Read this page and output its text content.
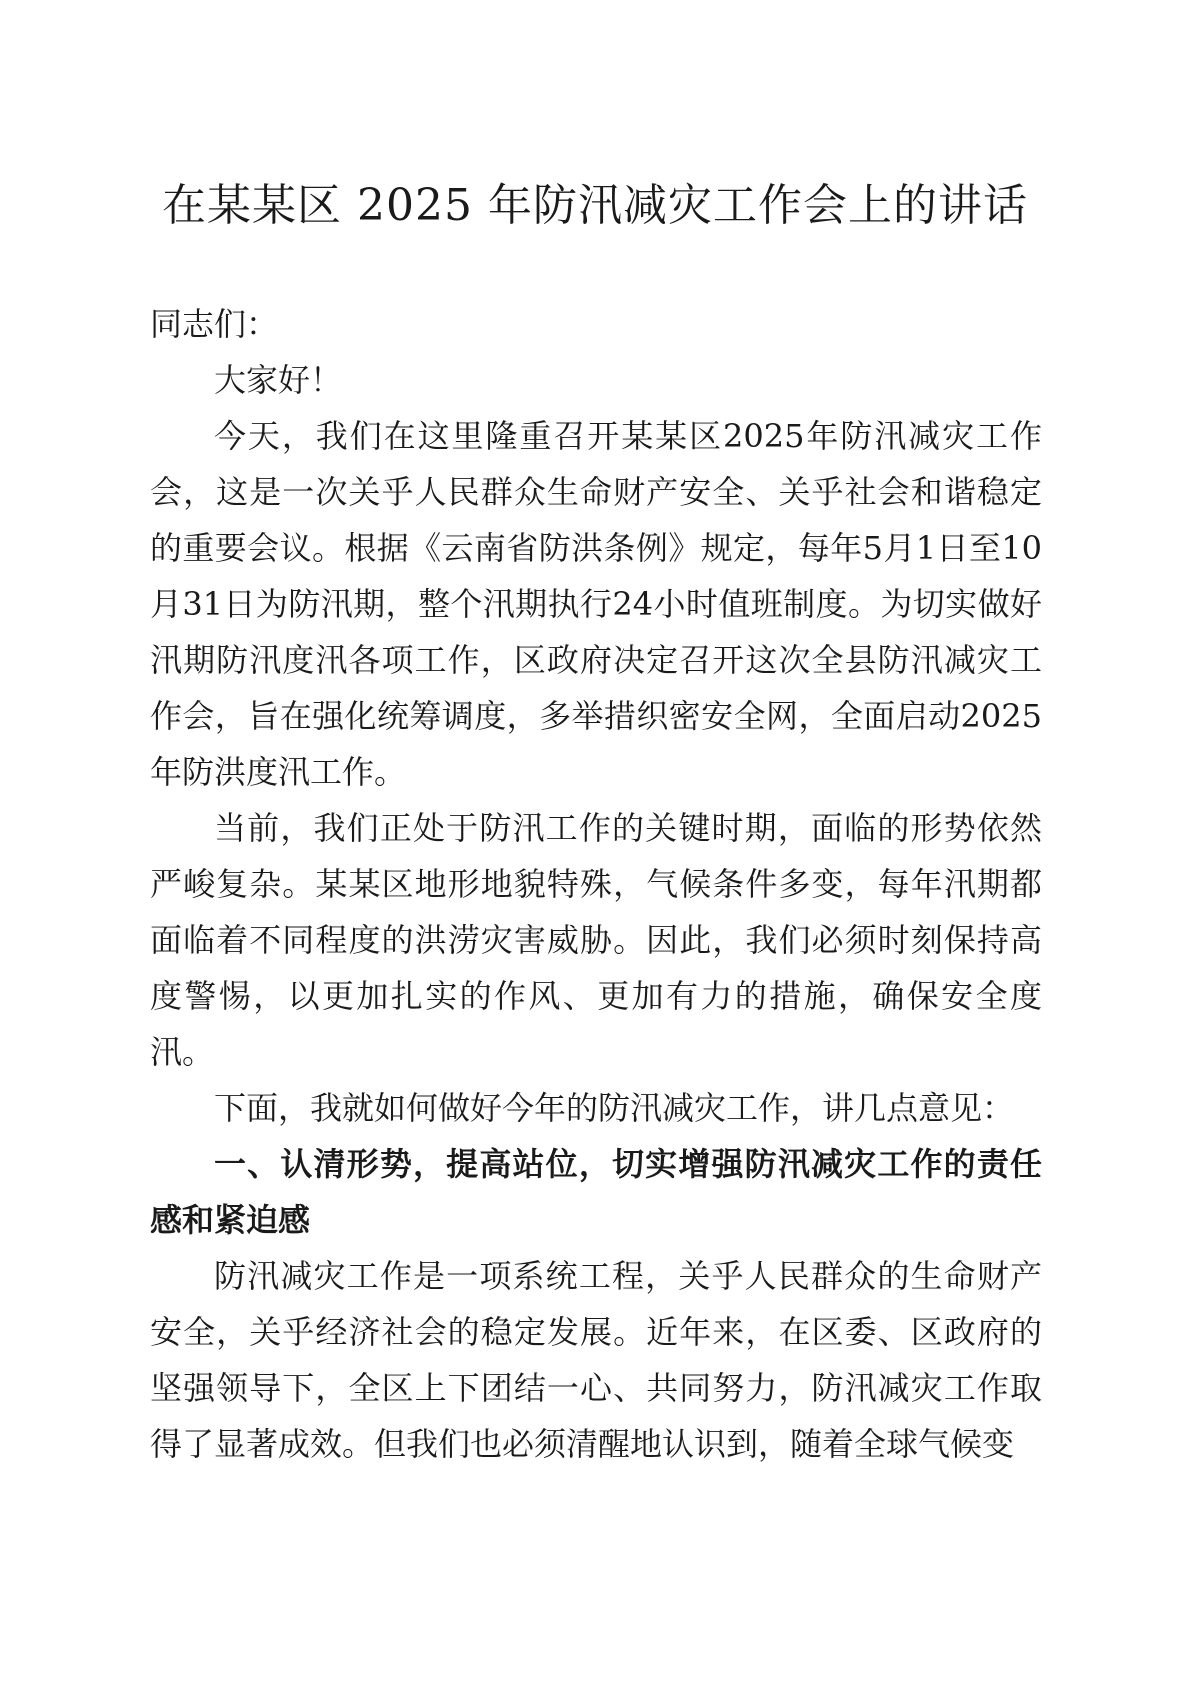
在某某区 2025 年防汛减灾工作会上的讲话

同志们：

大家好！

今天，我们在这里隆重召开某某区2025年防汛减灾工作会，这是一次关乎人民群众生命财产安全、关乎社会和谐稳定的重要会议。根据《云南省防洪条例》规定，每年5月1日至10月31日为防汛期，整个汛期执行24小时值班制度。为切实做好汛期防汛度汛各项工作，区政府决定召开这次全县防汛减灾工作会，旨在强化统筹调度，多举措织密安全网，全面启动2025年防洪度汛工作。

当前，我们正处于防汛工作的关键时期，面临的形势依然严峻复杂。某某区地形地貌特殊，气候条件多变，每年汛期都面临着不同程度的洪涝灾害威胁。因此，我们必须时刻保持高度警惕，以更加扎实的作风、更加有力的措施，确保安全度汛。

下面，我就如何做好今年的防汛减灾工作，讲几点意见：

一、认清形势，提高站位，切实增强防汛减灾工作的责任感和紧迫感

防汛减灾工作是一项系统工程，关乎人民群众的生命财产安全，关乎经济社会的稳定发展。近年来，在区委、区政府的坚强领导下，全区上下团结一心、共同努力，防汛减灾工作取得了显著成效。但我们也必须清醒地认识到，随着全球气候变
